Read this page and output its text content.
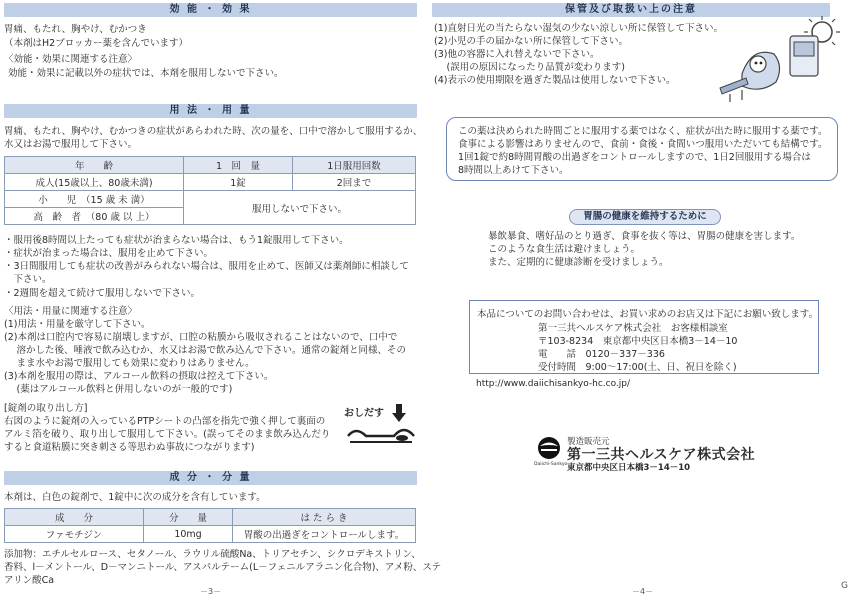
効 能 ・ 効 果
胃痛、もたれ、胸やけ、むかつき
（本剤はH2ブロッカー薬を含んでいます）
〈効能・効果に関連する注意〉
効能・効果に記載以外の症状では、本剤を服用しないで下さい。
用 法 ・ 用 量
胃痛、もたれ、胸やけ、むかつきの症状があらわれた時、次の量を、口中で溶かして服用するか、
水又はお湯で服用して下さい。
年　　齢	1　回　量	1日服用回数
成人(15歳以上、80歳未満)	1錠	2回まで
小　　児　（15 歳 未 満）	服用しないで下さい。	
高　齢　者　（80 歳 以 上）		
・服用後8時間以上たっても症状が治まらない場合は、もう1錠服用して下さい。
・症状が治まった場合は、服用を止めて下さい。
・3日間服用しても症状の改善がみられない場合は、服用を止めて、医師又は薬剤師に相談して
　下さい。
・2週間を超えて続けて服用しないで下さい。
〈用法・用量に関連する注意〉
(1)用法・用量を厳守して下さい。
(2)本剤は口腔内で容易に崩壊しますが、口腔の粘膜から吸収されることはないので、口中で
　 溶かした後、唾液で飲み込むか、水又はお湯で飲み込んで下さい。通常の錠剤と同様、その
　 まま水やお湯で服用しても効果に変わりはありません。
(3)本剤を服用の際は、アルコール飲料の摂取は控えて下さい。
　 (薬はアルコール飲料と併用しないのが一般的です)
[錠剤の取り出し方]
右図のように錠剤の入っているPTPシートの凸部を指先で強く押して裏面の
アルミ箔を破り、取り出して服用して下さい。(誤ってそのまま飲み込んだり
すると食道粘膜に突き刺さる等思わぬ事故につながります)
おしだす
成 分 ・ 分 量
本剤は、白色の錠剤で、1錠中に次の成分を含有しています。
成　　分	分　　量	は た ら き
ファモチジン	10mg	胃酸の出過ぎをコントロールします。
添加物：エチルセルロース、セタノール、ラウリル硫酸Na、トリアセチン、シクロデキストリン、
香料、l－メントール、D－マンニトール、アスパルテーム(L－フェニルアラニン化合物)、アメ粉、ステ
アリン酸Ca
－3－
保管及び取扱い上の注意
(1)直射日光の当たらない湿気の少ない涼しい所に保管して下さい。
(2)小児の手の届かない所に保管して下さい。
(3)他の容器に入れ替えないで下さい。
　 (誤用の原因になったり品質が変わります)
(4)表示の使用期限を過ぎた製品は使用しないで下さい。
この薬は決められた時間ごとに服用する薬ではなく、症状が出た時に服用する薬です。
食事による影響はありませんので、食前・食後・食間いつ服用いただいても結構です。
1回1錠で約8時間胃酸の出過ぎをコントロールしますので、1日2回服用する場合は
8時間以上あけて下さい。
胃腸の健康を維持するために
暴飲暴食、嗜好品のとり過ぎ、食事を抜く等は、胃腸の健康を害します。
このような食生活は避けましょう。
また、定期的に健康診断を受けましょう。
本品についてのお問い合わせは、お買い求めのお店又は下記にお願い致します。
第一三共ヘルスケア株式会社　お客様相談室
〒103-8234　東京都中央区日本橋3－14－10
電　　話　0120－337－336
受付時間　9:00～17:00(土、日、祝日を除く)
http://www.daiichisankyo-hc.co.jp/
Daiichi-Sankyo
製造販売元
第一三共ヘルスケア株式会社
東京都中央区日本橋3－14－10
－4－
G
